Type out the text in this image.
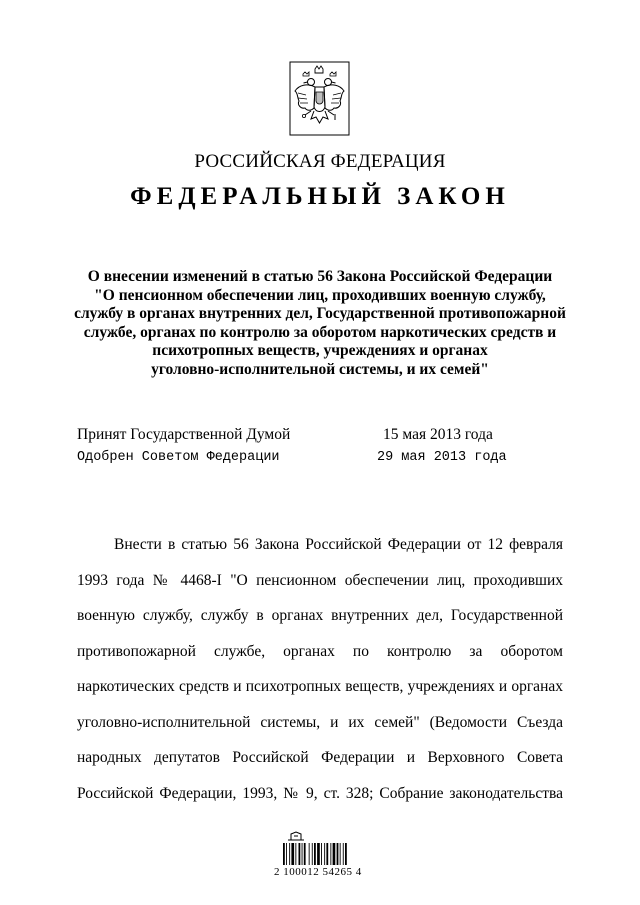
РОССИЙСКАЯ ФЕДЕРАЦИЯ
ФЕДЕРАЛЬНЫЙ ЗАКОН
О внесении изменений в статью 56 Закона Российской Федерации
"О пенсионном обеспечении лиц, проходивших военную службу,
службу в органах внутренних дел, Государственной противопожарной
службе, органах по контролю за оборотом наркотических средств и
психотропных веществ, учреждениях и органах
уголовно-исполнительной системы, и их семей"
Принят Государственной Думой	15 мая 2013 года
Одобрен Советом Федерации	29 мая 2013 года
Внести в статью 56 Закона Российской Федерации от 12 февраля
1993 года № 4468-I "О пенсионном обеспечении лиц, проходивших
военную службу, службу в органах внутренних дел, Государственной
противопожарной службе, органах по контролю за оборотом
наркотических средств и психотропных веществ, учреждениях и органах
уголовно-исполнительной системы, и их семей" (Ведомости Съезда
народных депутатов Российской Федерации и Верховного Совета
Российской Федерации, 1993, № 9, ст. 328; Собрание законодательства
2 100012 54265 4
